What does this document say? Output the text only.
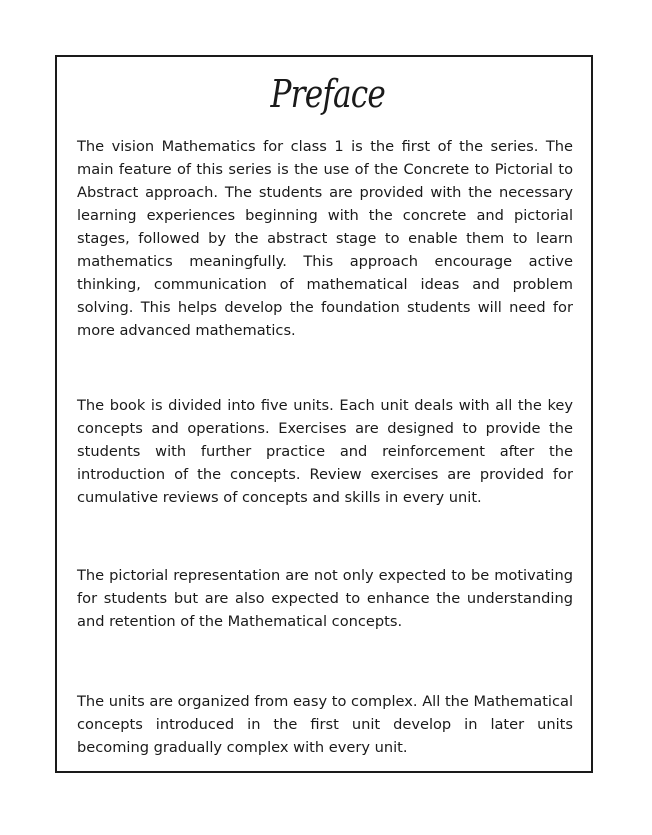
Preface

The vision Mathematics for class 1 is the first of the series. The main feature of this series is the use of the Concrete to Pictorial to Abstract approach. The students are provided with the necessary learning experiences beginning with the concrete and pictorial stages, followed by the abstract stage to enable them to learn mathematics meaningfully. This approach encourage active thinking, communication of mathematical ideas and problem solving. This helps develop the foundation students will need for more advanced mathematics.

The book is divided into five units. Each unit deals with all the key concepts and operations. Exercises are designed to provide the students with further practice and reinforcement after the introduction of the concepts. Review exercises are provided for cumulative reviews of concepts and skills in every unit.

The pictorial representation are not only expected to be motivating for students but are also expected to enhance the understanding and retention of the Mathematical concepts.

The units are organized from easy to complex. All the Mathematical concepts introduced in the first unit develop in later units becoming gradually complex with every unit.
